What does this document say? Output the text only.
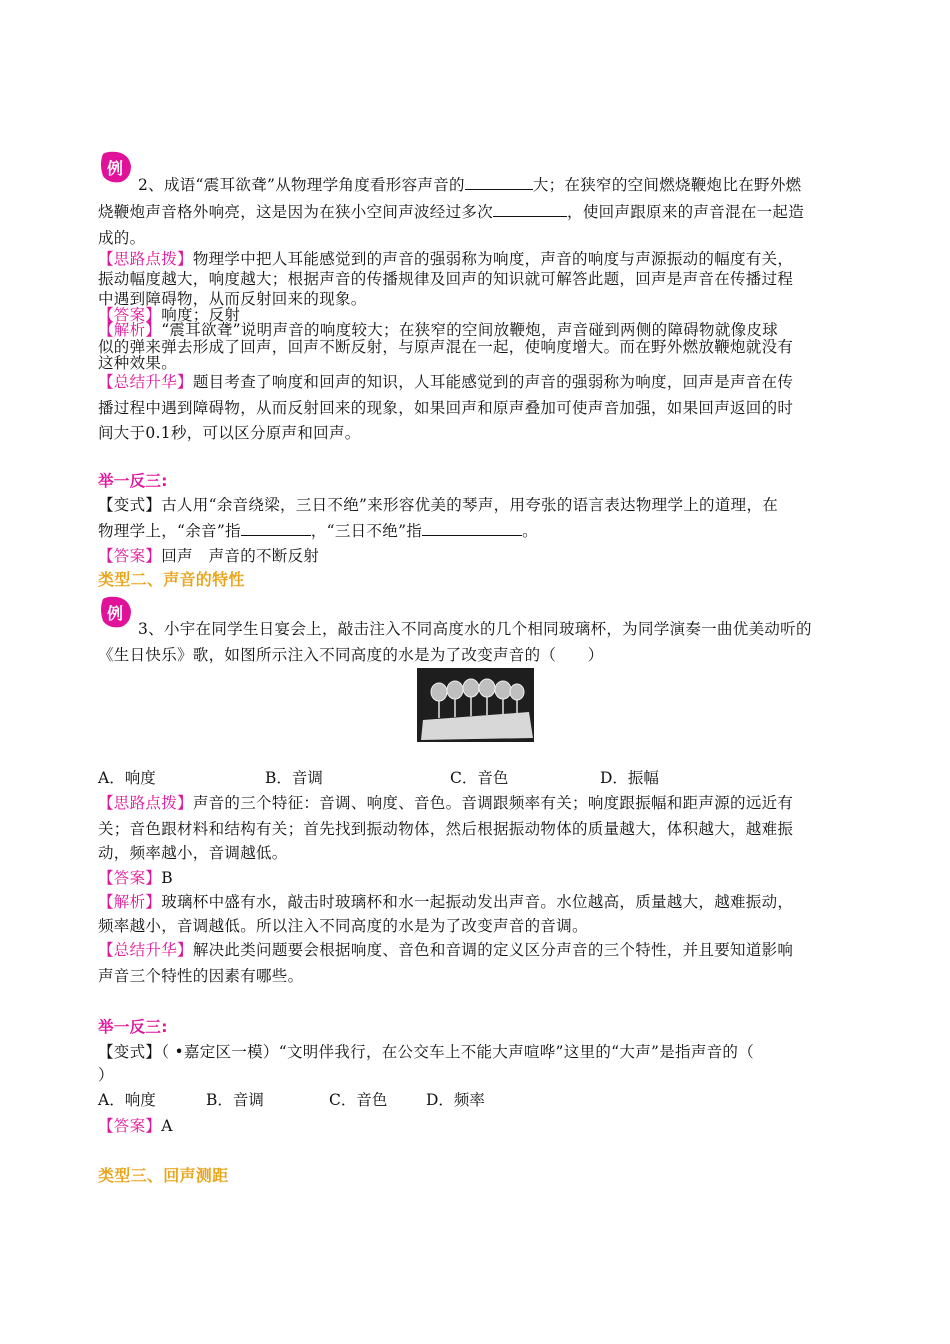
例
2、成语“震耳欲聋”从物理学角度看形容声音的	大；在狭窄的空间燃烧鞭炮比在野外燃
烧鞭炮声音格外响亮，这是因为在狭小空间声波经过多次	，使回声跟原来的声音混在一起造
成的。
【思路点拨】物理学中把人耳能感觉到的声音的强弱称为响度，声音的响度与声源振动的幅度有关，
振动幅度越大，响度越大；根据声音的传播规律及回声的知识就可解答此题，回声是声音在传播过程
中遇到障碍物，从而反射回来的现象。
【答案】响度；反射
【解析】“震耳欲聋”说明声音的响度较大；在狭窄的空间放鞭炮，声音碰到两侧的障碍物就像皮球
似的弹来弹去形成了回声，回声不断反射，与原声混在一起，使响度增大。而在野外燃放鞭炮就没有
这种效果。
【总结升华】题目考查了响度和回声的知识，人耳能感觉到的声音的强弱称为响度，回声是声音在传
播过程中遇到障碍物，从而反射回来的现象，如果回声和原声叠加可使声音加强，如果回声返回的时
间大于0.1秒，可以区分原声和回声。
举一反三:
【变式】古人用“余音绕梁，三日不绝”来形容优美的琴声，用夸张的语言表达物理学上的道理，在
物理学上，“余音”指	，“三日不绝”指	。
【答案】回声　声音的不断反射
类型二、声音的特性
例
3、小宇在同学生日宴会上，敲击注入不同高度水的几个相同玻璃杯，为同学演奏一曲优美动听的
《生日快乐》歌，如图所示注入不同高度的水是为了改变声音的（　　）
A．响度	B．音调	C．音色	D．振幅
【思路点拨】声音的三个特征：音调、响度、音色。音调跟频率有关；响度跟振幅和距声源的远近有
关；音色跟材料和结构有关；首先找到振动物体，然后根据振动物体的质量越大，体积越大，越难振
动，频率越小，音调越低。
【答案】B
【解析】玻璃杯中盛有水，敲击时玻璃杯和水一起振动发出声音。水位越高，质量越大，越难振动，
频率越小，音调越低。所以注入不同高度的水是为了改变声音的音调。
【总结升华】解决此类问题要会根据响度、音色和音调的定义区分声音的三个特性，并且要知道影响
声音三个特性的因素有哪些。
举一反三:
【变式】（ •嘉定区一模）“文明伴我行，在公交车上不能大声喧哗”这里的“大声”是指声音的（
）
A．响度	B．音调	C．音色 D．频率
【答案】A
类型三、回声测距
